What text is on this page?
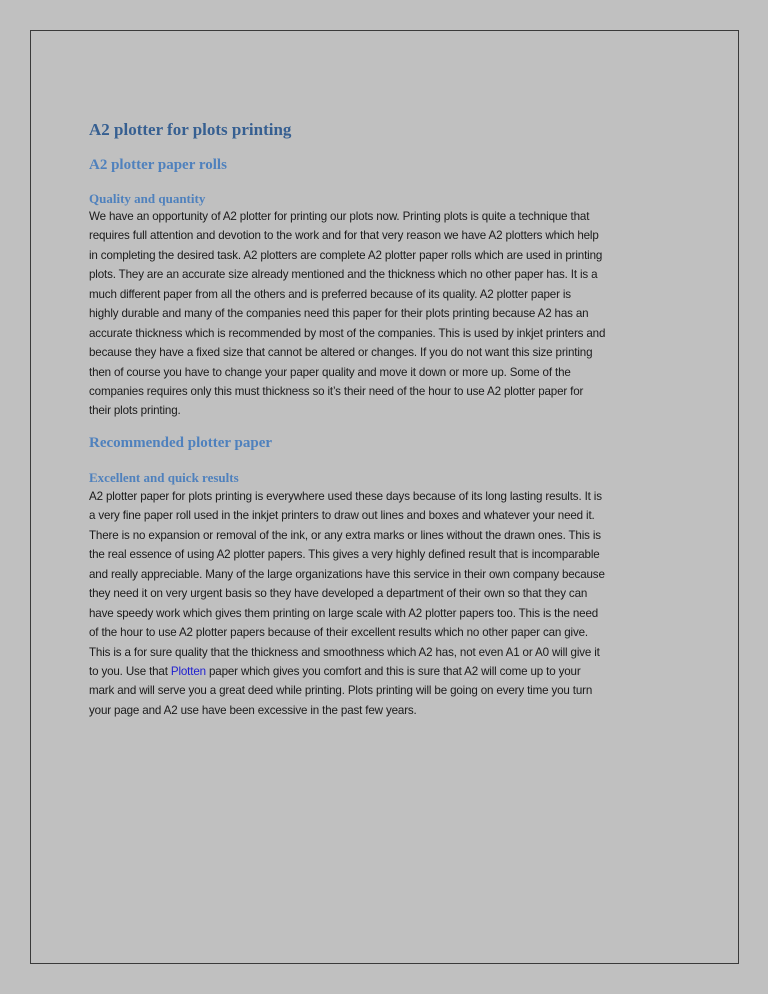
A2 plotter for plots printing
A2 plotter paper rolls
Quality and quantity
We have an opportunity of A2 plotter for printing our plots now. Printing plots is quite a technique that
requires full attention and devotion to the work and for that very reason we have A2 plotters which help
in completing the desired task. A2 plotters are complete A2 plotter paper rolls which are used in printing
plots. They are an accurate size already mentioned and the thickness which no other paper has. It is a
much different paper from all the others and is preferred because of its quality. A2 plotter paper is
highly durable and many of the companies need this paper for their plots printing because A2 has an
accurate thickness which is recommended by most of the companies. This is used by inkjet printers and
because they have a fixed size that cannot be altered or changes. If you do not want this size printing
then of course you have to change your paper quality and move it down or more up. Some of the
companies requires only this must thickness so it’s their need of the hour to use A2 plotter paper for
their plots printing.
Recommended plotter paper
Excellent and quick results
A2 plotter paper for plots printing is everywhere used these days because of its long lasting results. It is
a very fine paper roll used in the inkjet printers to draw out lines and boxes and whatever your need it.
There is no expansion or removal of the ink, or any extra marks or lines without the drawn ones. This is
the real essence of using A2 plotter papers. This gives a very highly defined result that is incomparable
and really appreciable. Many of the large organizations have this service in their own company because
they need it on very urgent basis so they have developed a department of their own so that they can
have speedy work which gives them printing on large scale with A2 plotter papers too. This is the need
of the hour to use A2 plotter papers because of their excellent results which no other paper can give.
This is a for sure quality that the thickness and smoothness which A2 has, not even A1 or A0 will give it
to you. Use that Plotten paper which gives you comfort and this is sure that A2 will come up to your
mark and will serve you a great deed while printing. Plots printing will be going on every time you turn
your page and A2 use have been excessive in the past few years.
